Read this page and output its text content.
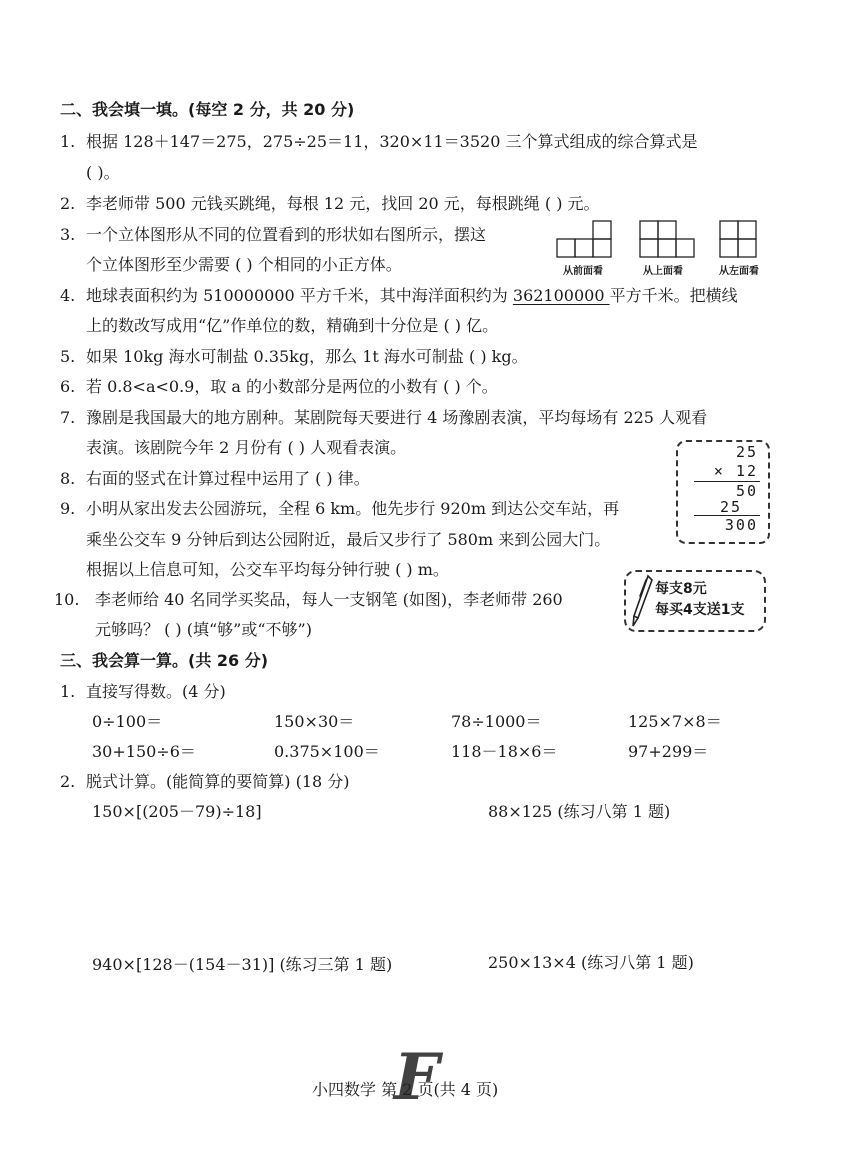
二、我会填一填。(每空 2 分，共 20 分)
1. 根据 128＋147＝275，275÷25＝11，320×11＝3520 三个算式组成的综合算式是
( )。
2. 李老师带 500 元钱买跳绳，每根 12 元，找回 20 元，每根跳绳 ( ) 元。
3. 一个立体图形从不同的位置看到的形状如右图所示，摆这
个立体图形至少需要 ( ) 个相同的小正方体。	从前面看	从上面看	从左面看
4. 地球表面积约为 510000000 平方千米，其中海洋面积约为 362100000 平方千米。把横线
上的数改写成用“亿”作单位的数，精确到十分位是 ( ) 亿。
5. 如果 10kg 海水可制盐 0.35kg，那么 1t 海水可制盐 ( ) kg。
6. 若 0.8<a<0.9，取 a 的小数部分是两位的小数有 ( ) 个。
7. 豫剧是我国最大的地方剧种。某剧院每天要进行 4 场豫剧表演，平均每场有 225 人观看
表演。该剧院今年 2 月份有 ( ) 人观看表演。
8. 右面的竖式在计算过程中运用了 ( ) 律。
25
× 12
50
25
300
9. 小明从家出发去公园游玩，全程 6 km。他先步行 920m 到达公交车站，再
乘坐公交车 9 分钟后到达公园附近，最后又步行了 580m 来到公园大门。
根据以上信息可知，公交车平均每分钟行驶 ( ) m。
10. 李老师给 40 名同学买奖品，每人一支钢笔 (如图)，李老师带 260
元够吗？ ( ) (填“够”或“不够”)
每支8元
每买4支送1支
三、我会算一算。(共 26 分)
1. 直接写得数。(4 分)
0÷100＝	150×30＝	78÷1000＝	125×7×8＝
30+150÷6＝	0.375×100＝	118－18×6＝	97+299＝
2. 脱式计算。(能简算的要简算) (18 分)
150×[(205－79)÷18]	88×125 (练习八第 1 题)
940×[128－(154－31)] (练习三第 1 题)	250×13×4 (练习八第 1 题)
小四数学 第 2 页(共 4 页)
F
